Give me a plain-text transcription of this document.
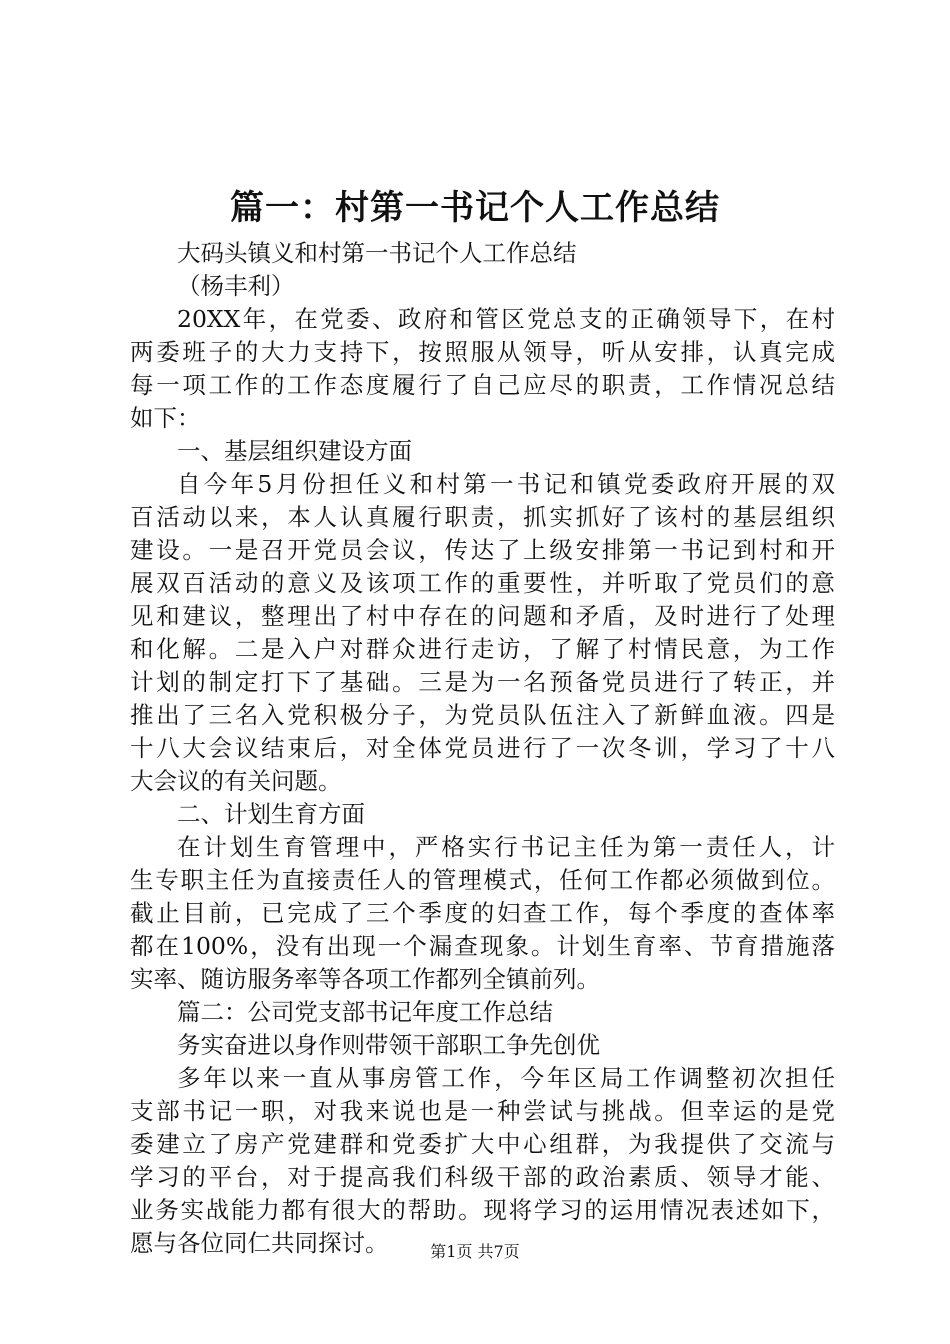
篇一：村第一书记个人工作总结
大码头镇义和村第一书记个人工作总结
（杨丰利）
20XX年，在党委、政府和管区党总支的正确领导下，在村
两委班子的大力支持下，按照服从领导，听从安排，认真完成
每一项工作的工作态度履行了自己应尽的职责，工作情况总结
如下：
一、基层组织建设方面
自今年5月份担任义和村第一书记和镇党委政府开展的双
百活动以来，本人认真履行职责，抓实抓好了该村的基层组织
建设。一是召开党员会议，传达了上级安排第一书记到村和开
展双百活动的意义及该项工作的重要性，并听取了党员们的意
见和建议，整理出了村中存在的问题和矛盾，及时进行了处理
和化解。二是入户对群众进行走访，了解了村情民意，为工作
计划的制定打下了基础。三是为一名预备党员进行了转正，并
推出了三名入党积极分子，为党员队伍注入了新鲜血液。四是
十八大会议结束后，对全体党员进行了一次冬训，学习了十八
大会议的有关问题。
二、计划生育方面
在计划生育管理中，严格实行书记主任为第一责任人，计
生专职主任为直接责任人的管理模式，任何工作都必须做到位。
截止目前，已完成了三个季度的妇查工作，每个季度的查体率
都在100%，没有出现一个漏查现象。计划生育率、节育措施落
实率、随访服务率等各项工作都列全镇前列。
篇二：公司党支部书记年度工作总结
务实奋进以身作则带领干部职工争先创优
多年以来一直从事房管工作，今年区局工作调整初次担任
支部书记一职，对我来说也是一种尝试与挑战。但幸运的是党
委建立了房产党建群和党委扩大中心组群，为我提供了交流与
学习的平台，对于提高我们科级干部的政治素质、领导才能、
业务实战能力都有很大的帮助。现将学习的运用情况表述如下，
愿与各位同仁共同探讨。	第1页 共7页
